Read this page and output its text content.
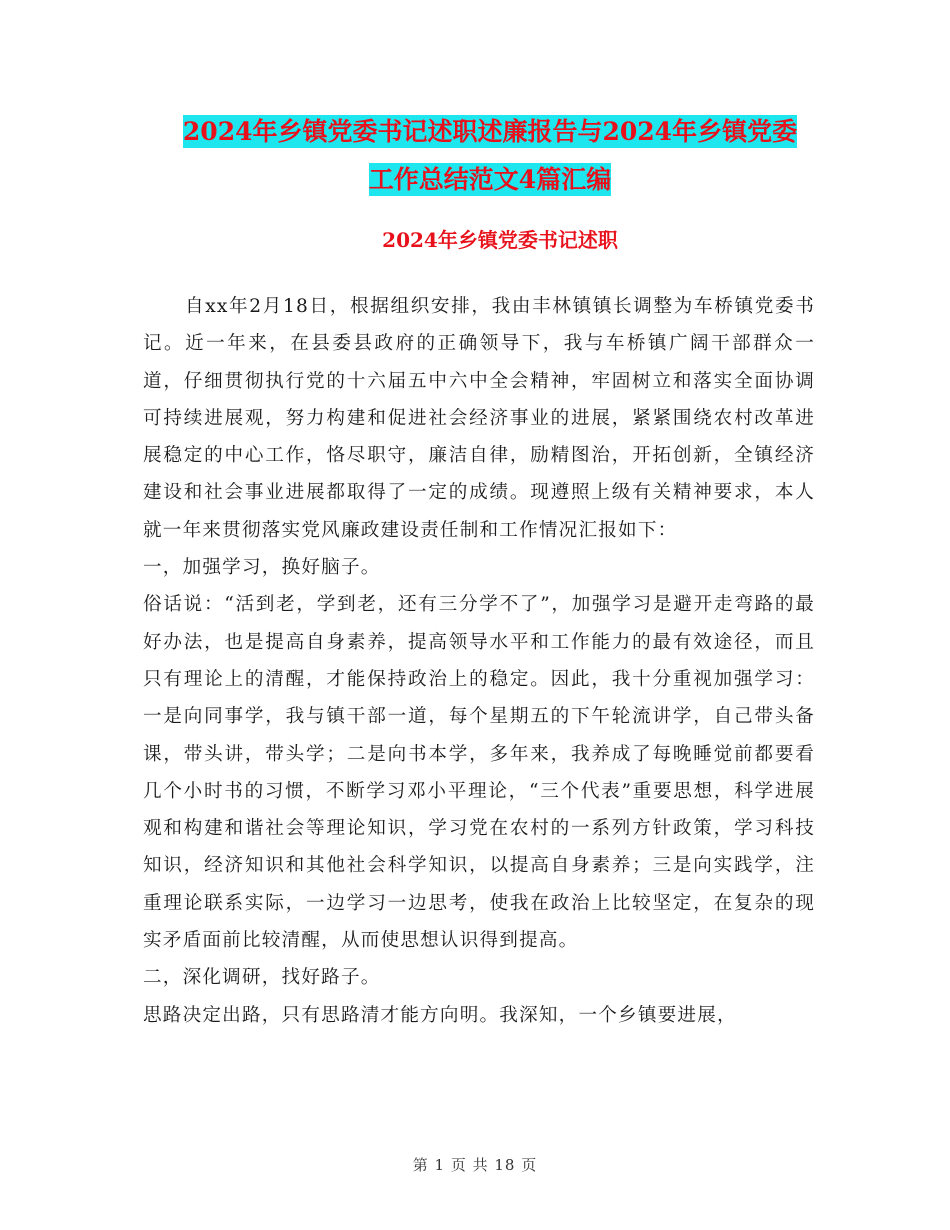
2024年乡镇党委书记述职述廉报告与2024年乡镇党委
工作总结范文4篇汇编
2024年乡镇党委书记述职

自xx年2月18日，根据组织安排，我由丰林镇镇长调整为车桥镇党委书记。近一年来，在县委县政府的正确领导下，我与车桥镇广阔干部群众一道，仔细贯彻执行党的十六届五中六中全会精神，牢固树立和落实全面协调可持续进展观，努力构建和促进社会经济事业的进展，紧紧围绕农村改革进展稳定的中心工作，恪尽职守，廉洁自律，励精图治，开拓创新，全镇经济建设和社会事业进展都取得了一定的成绩。现遵照上级有关精神要求，本人就一年来贯彻落实党风廉政建设责任制和工作情况汇报如下：

一，加强学习，换好脑子。

俗话说：“活到老，学到老，还有三分学不了”，加强学习是避开走弯路的最好办法，也是提高自身素养，提高领导水平和工作能力的最有效途径，而且只有理论上的清醒，才能保持政治上的稳定。因此，我十分重视加强学习：一是向同事学，我与镇干部一道，每个星期五的下午轮流讲学，自己带头备课，带头讲，带头学；二是向书本学，多年来，我养成了每晚睡觉前都要看几个小时书的习惯，不断学习邓小平理论，“三个代表”重要思想，科学进展观和构建和谐社会等理论知识，学习党在农村的一系列方针政策，学习科技知识，经济知识和其他社会科学知识，以提高自身素养；三是向实践学，注重理论联系实际，一边学习一边思考，使我在政治上比较坚定，在复杂的现实矛盾面前比较清醒，从而使思想认识得到提高。

二，深化调研，找好路子。

思路决定出路，只有思路清才能方向明。我深知，一个乡镇要进展，

第 1 页 共 18 页
